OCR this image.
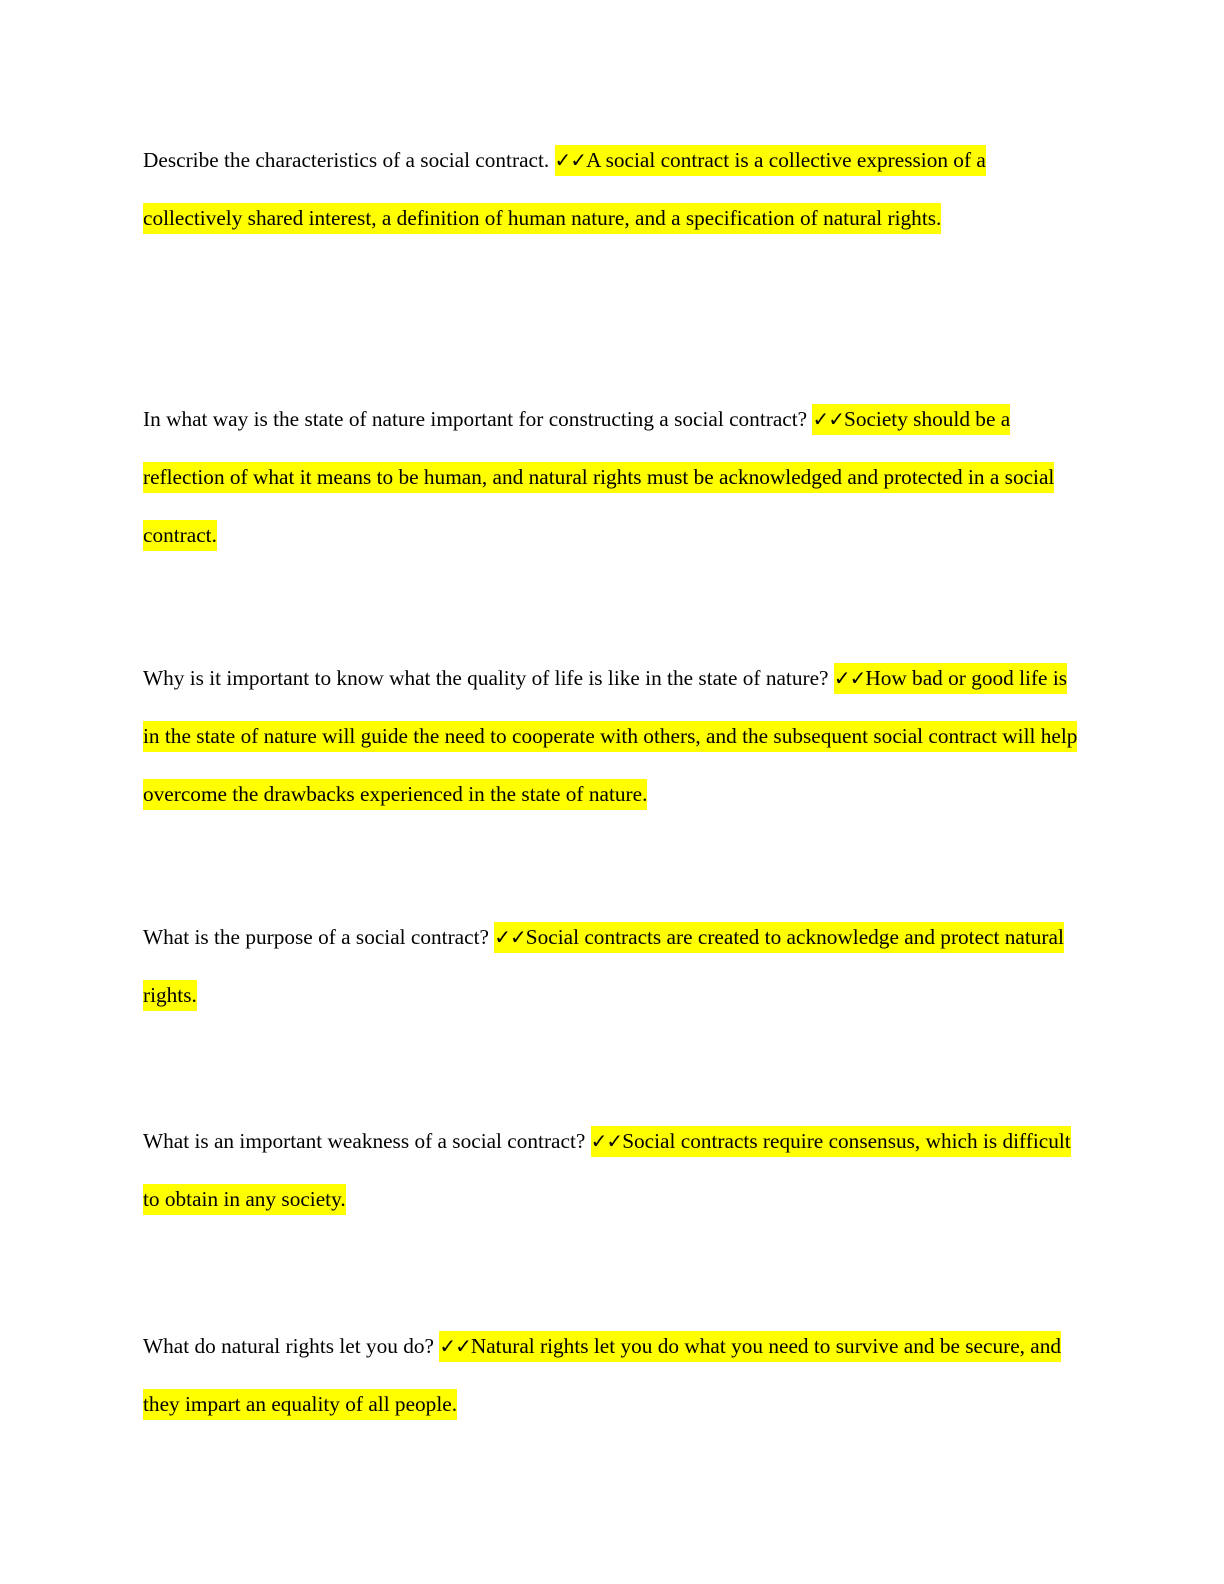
Describe the characteristics of a social contract. ✓✓A social contract is a collective expression of a collectively shared interest, a definition of human nature, and a specification of natural rights.

In what way is the state of nature important for constructing a social contract? ✓✓Society should be a reflection of what it means to be human, and natural rights must be acknowledged and protected in a social contract.

Why is it important to know what the quality of life is like in the state of nature? ✓✓How bad or good life is in the state of nature will guide the need to cooperate with others, and the subsequent social contract will help overcome the drawbacks experienced in the state of nature.

What is the purpose of a social contract? ✓✓Social contracts are created to acknowledge and protect natural rights.

What is an important weakness of a social contract? ✓✓Social contracts require consensus, which is difficult to obtain in any society.

What do natural rights let you do? ✓✓Natural rights let you do what you need to survive and be secure, and they impart an equality of all people.
